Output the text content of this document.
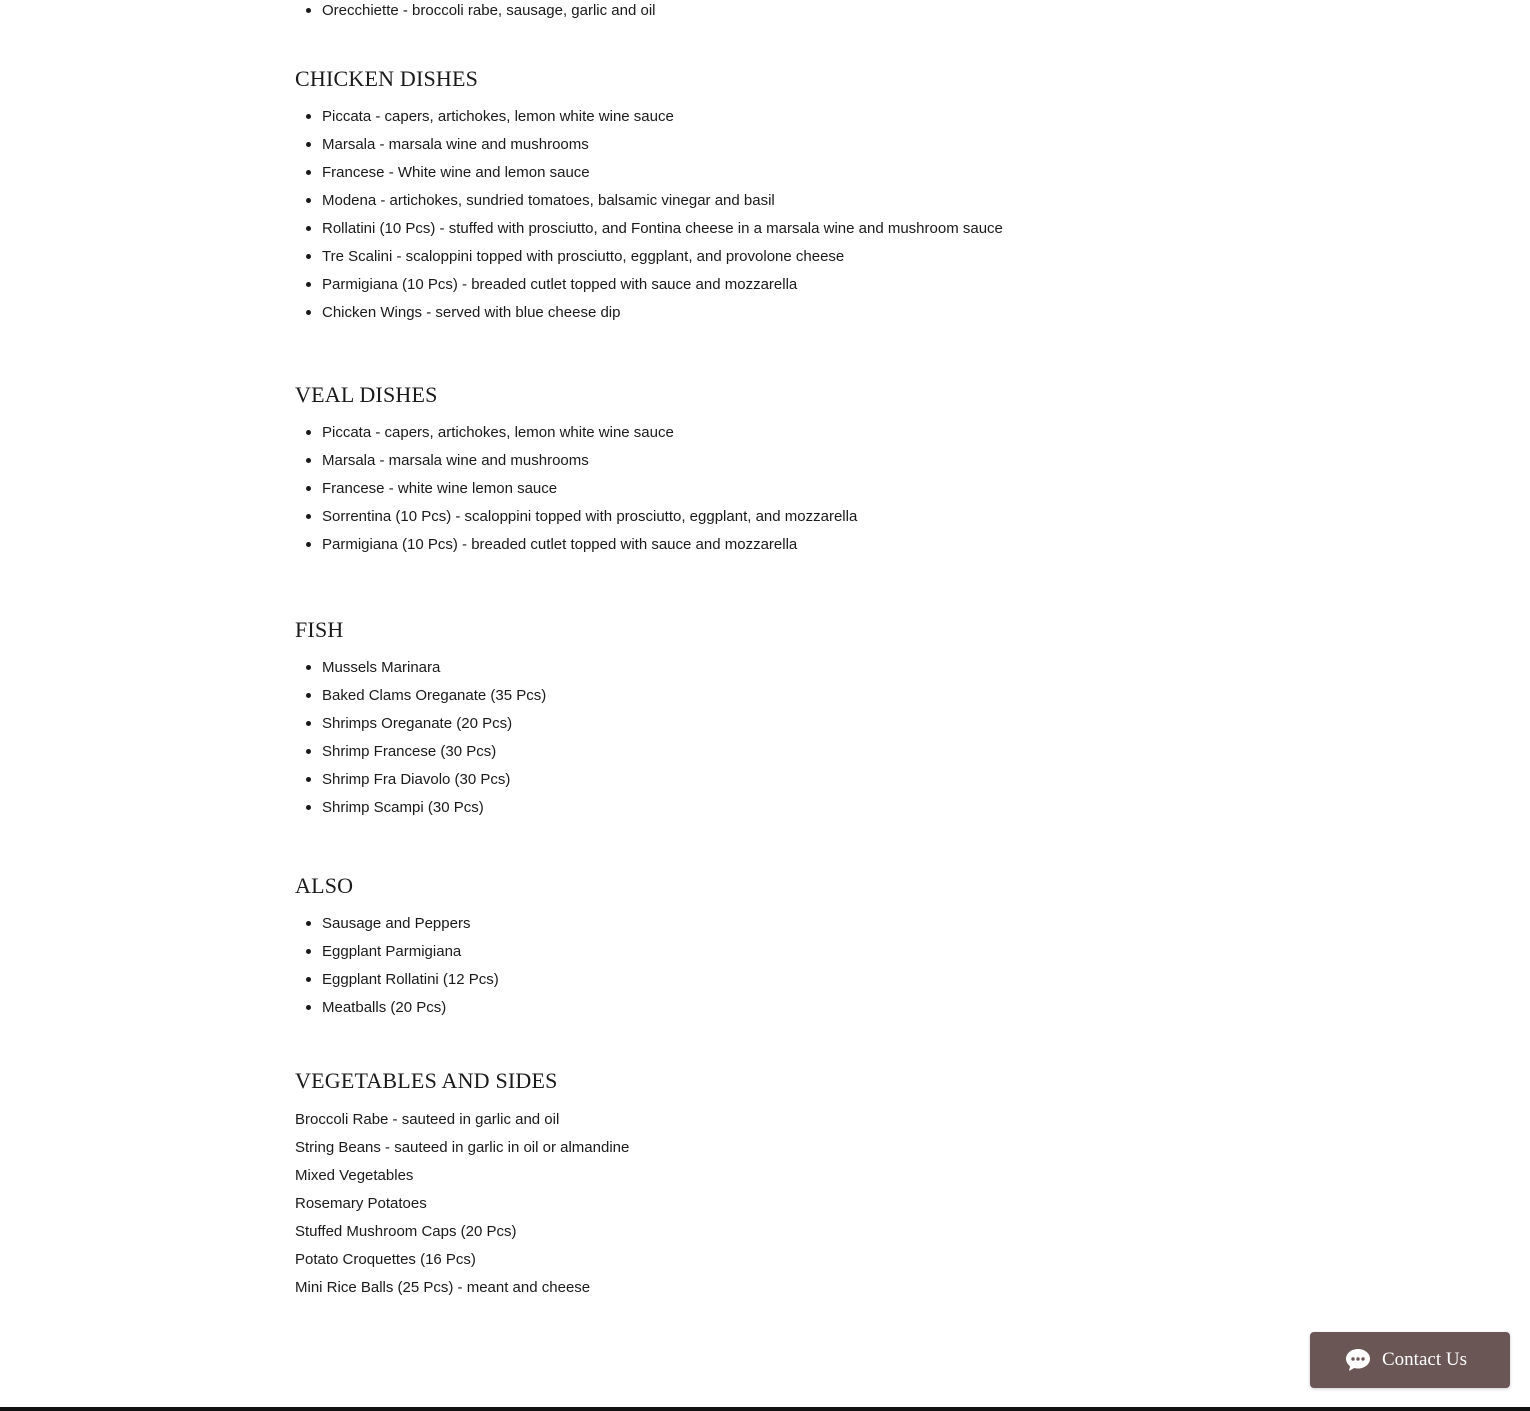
Orecchiette - broccoli rabe, sausage, garlic and oil
CHICKEN DISHES
Piccata - capers, artichokes, lemon white wine sauce
Marsala - marsala wine and mushrooms
Francese - White wine and lemon sauce
Modena - artichokes, sundried tomatoes, balsamic vinegar and basil
Rollatini (10 Pcs) - stuffed with prosciutto, and Fontina cheese in a marsala wine and mushroom sauce
Tre Scalini - scaloppini topped with prosciutto, eggplant, and provolone cheese
Parmigiana (10 Pcs) - breaded cutlet topped with sauce and mozzarella
Chicken Wings - served with blue cheese dip
VEAL DISHES
Piccata - capers, artichokes, lemon white wine sauce
Marsala - marsala wine and mushrooms
Francese - white wine lemon sauce
Sorrentina (10 Pcs) - scaloppini topped with prosciutto, eggplant, and mozzarella
Parmigiana (10 Pcs) - breaded cutlet topped with sauce and mozzarella
FISH
Mussels Marinara
Baked Clams Oreganate (35 Pcs)
Shrimps Oreganate (20 Pcs)
Shrimp Francese (30 Pcs)
Shrimp Fra Diavolo (30 Pcs)
Shrimp Scampi (30 Pcs)
ALSO
Sausage and Peppers
Eggplant Parmigiana
Eggplant Rollatini (12 Pcs)
Meatballs (20 Pcs)
VEGETABLES AND SIDES

Broccoli Rabe - sauteed in garlic and oil

String Beans - sauteed in garlic in oil or almandine

Mixed Vegetables

Rosemary Potatoes

Stuffed Mushroom Caps (20 Pcs)

Potato Croquettes (16 Pcs)

Mini Rice Balls (25 Pcs) - meant and cheese

Contact Us
